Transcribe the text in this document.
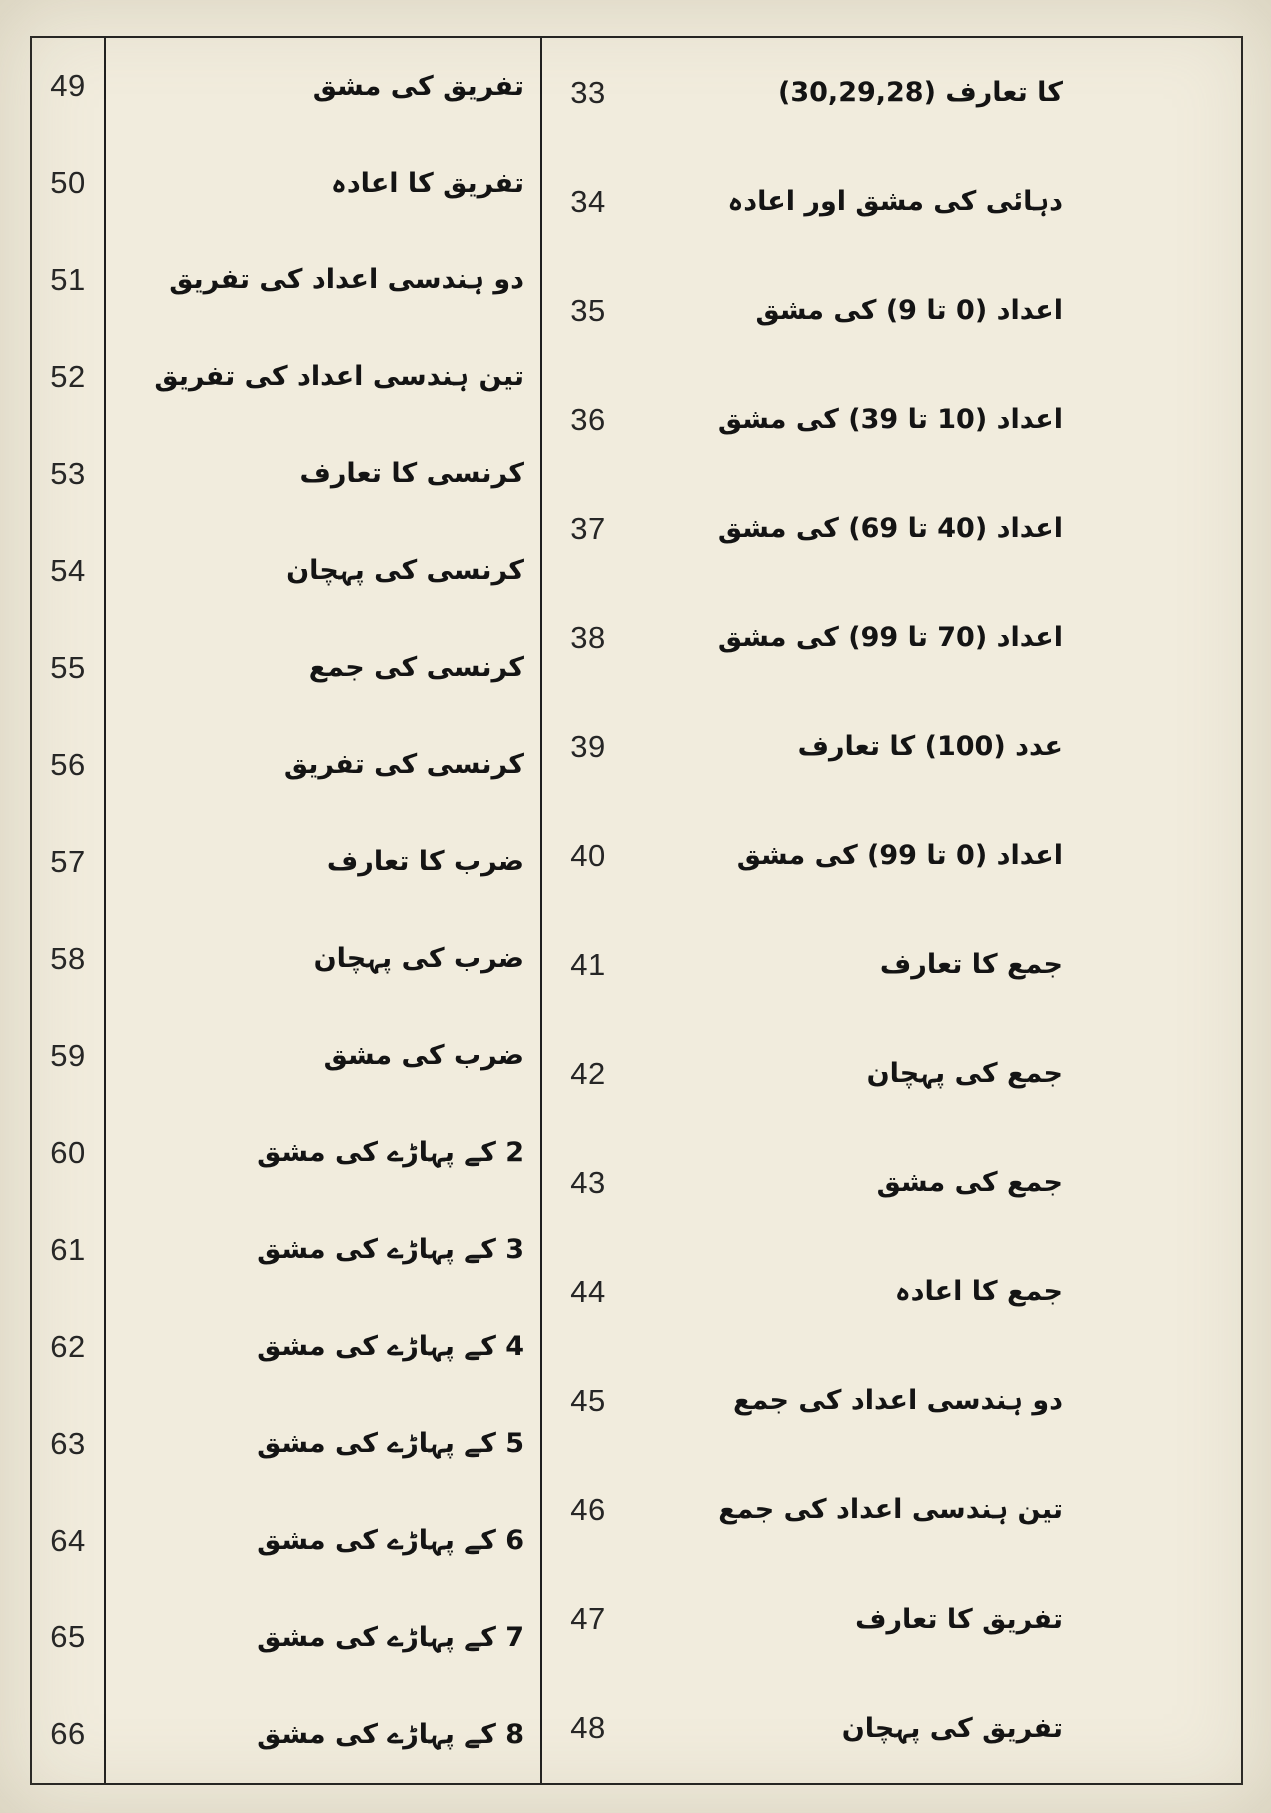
49	تفریق کی مشق
50	تفریق کا اعادہ
51	دو ہندسی اعداد کی تفریق
52	تین ہندسی اعداد کی تفریق
53	کرنسی کا تعارف
54	کرنسی کی پہچان
55	کرنسی کی جمع
56	کرنسی کی تفریق
57	ضرب کا تعارف
58	ضرب کی پہچان
59	ضرب کی مشق
60	2 کے پہاڑے کی مشق
61	3 کے پہاڑے کی مشق
62	4 کے پہاڑے کی مشق
63	5 کے پہاڑے کی مشق
64	6 کے پہاڑے کی مشق
65	7 کے پہاڑے کی مشق
66	8 کے پہاڑے کی مشق
33	کا تعارف (30,29,28)
34	دہائی کی مشق اور اعادہ
35	اعداد (0 تا 9) کی مشق
36	اعداد (10 تا 39) کی مشق
37	اعداد (40 تا 69) کی مشق
38	اعداد (70 تا 99) کی مشق
39	عدد (100) کا تعارف
40	اعداد (0 تا 99) کی مشق
41	جمع کا تعارف
42	جمع کی پہچان
43	جمع کی مشق
44	جمع کا اعادہ
45	دو ہندسی اعداد کی جمع
46	تین ہندسی اعداد کی جمع
47	تفریق کا تعارف
48	تفریق کی پہچان
